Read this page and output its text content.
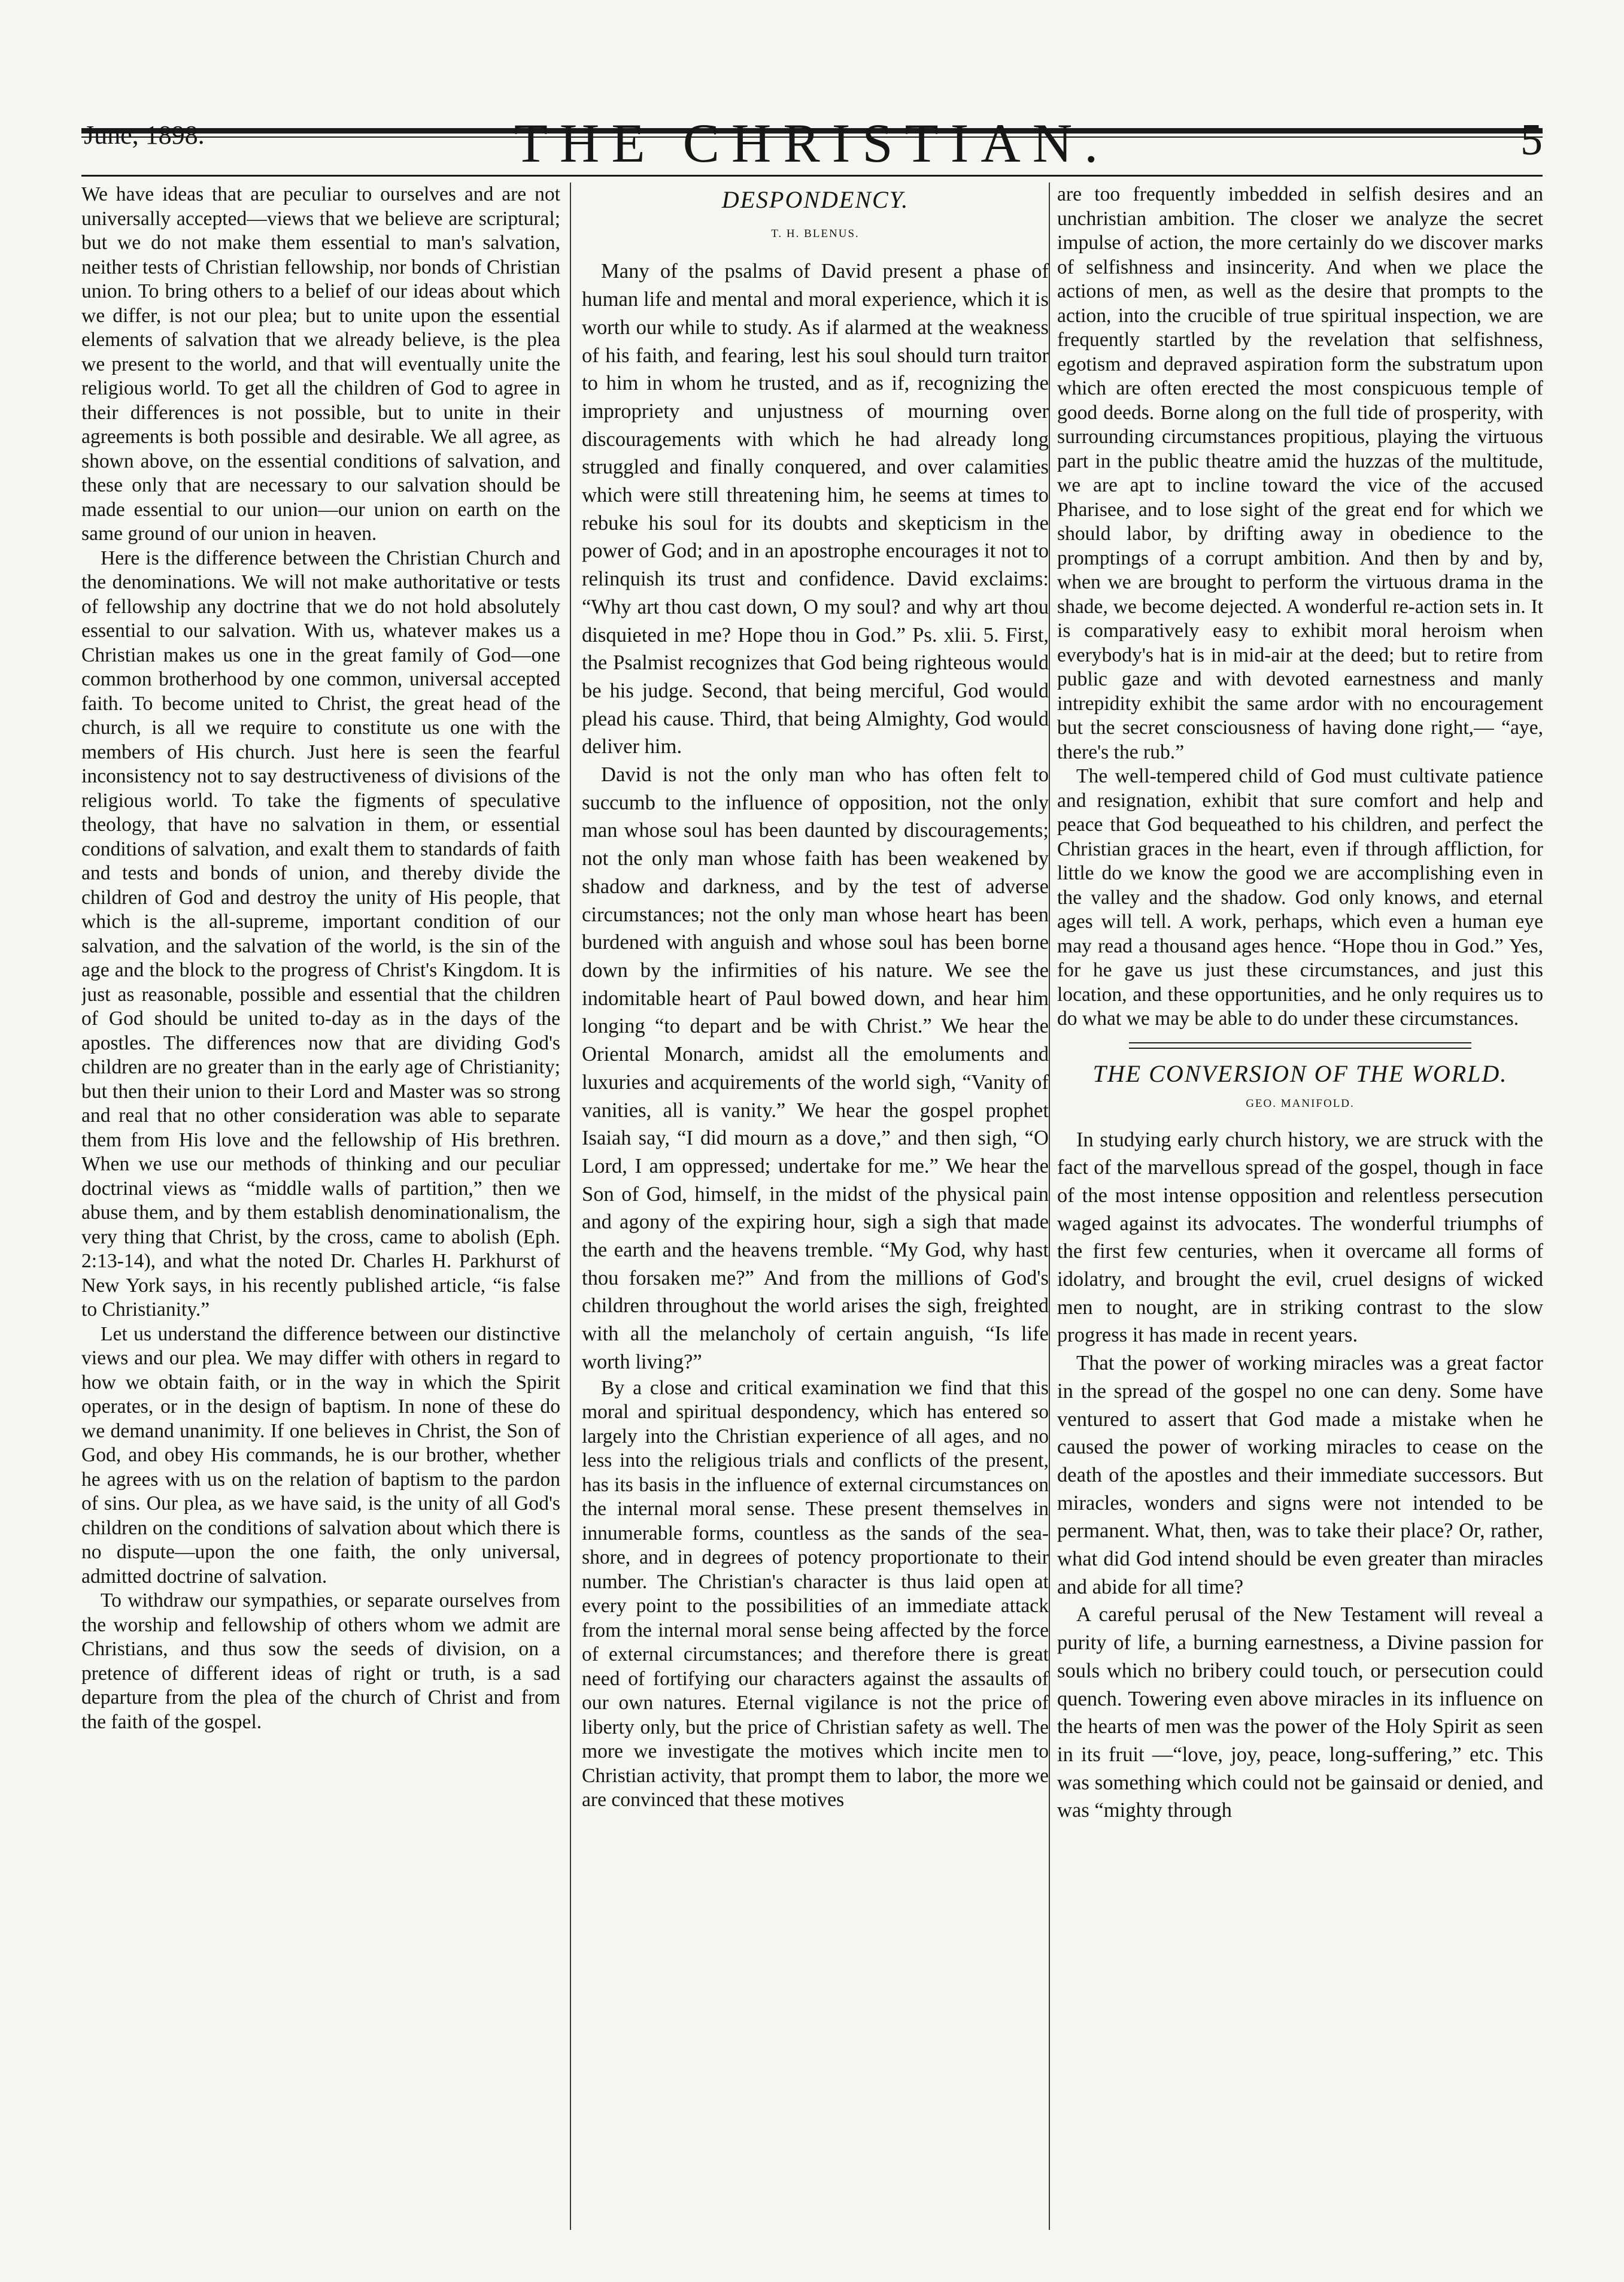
June, 1898.	THE CHRISTIAN.	5

We have ideas that are peculiar to ourselves and are not universally accepted—views that we believe are scriptural; but we do not make them essential to man's salvation, neither tests of Christian fellowship, nor bonds of Christian union. To bring others to a belief of our ideas about which we differ, is not our plea; but to unite upon the essential elements of salvation that we already believe, is the plea we present to the world, and that will eventually unite the religious world. To get all the children of God to agree in their differences is not possible, but to unite in their agreements is both possible and desirable. We all agree, as shown above, on the essential conditions of salvation, and these only that are necessary to our salvation should be made essential to our union—our union on earth on the same ground of our union in heaven.

Here is the difference between the Christian Church and the denominations. We will not make authoritative or tests of fellowship any doctrine that we do not hold absolutely essential to our salvation. With us, whatever makes us a Christian makes us one in the great family of God—one common brotherhood by one common, universal accepted faith. To become united to Christ, the great head of the church, is all we require to constitute us one with the members of His church. Just here is seen the fearful inconsistency not to say destructiveness of divisions of the religious world. To take the figments of speculative theology, that have no salvation in them, or essential conditions of salvation, and exalt them to standards of faith and tests and bonds of union, and thereby divide the children of God and destroy the unity of His people, that which is the all-supreme, important condition of our salvation, and the salvation of the world, is the sin of the age and the block to the progress of Christ's Kingdom. It is just as reasonable, possible and essential that the children of God should be united to-day as in the days of the apostles. The differences now that are dividing God's children are no greater than in the early age of Christianity; but then their union to their Lord and Master was so strong and real that no other consideration was able to separate them from His love and the fellowship of His brethren. When we use our methods of thinking and our peculiar doctrinal views as “middle walls of partition,” then we abuse them, and by them establish denominationalism, the very thing that Christ, by the cross, came to abolish (Eph. 2:13-14), and what the noted Dr. Charles H. Parkhurst of New York says, in his recently published article, “is false to Christianity.”

Let us understand the difference between our distinctive views and our plea. We may differ with others in regard to how we obtain faith, or in the way in which the Spirit operates, or in the design of baptism. In none of these do we demand unanimity. If one believes in Christ, the Son of God, and obey His commands, he is our brother, whether he agrees with us on the relation of baptism to the pardon of sins. Our plea, as we have said, is the unity of all God's children on the conditions of salvation about which there is no dispute—upon the one faith, the only universal, admitted doctrine of salvation.

To withdraw our sympathies, or separate ourselves from the worship and fellowship of others whom we admit are Christians, and thus sow the seeds of division, on a pretence of different ideas of right or truth, is a sad departure from the plea of the church of Christ and from the faith of the gospel.

DESPONDENCY.
T. H. BLENUS.

Many of the psalms of David present a phase of human life and mental and moral experience, which it is worth our while to study. As if alarmed at the weakness of his faith, and fearing, lest his soul should turn traitor to him in whom he trusted, and as if, recognizing the impropriety and unjustness of mourning over discouragements with which he had already long struggled and finally conquered, and over calamities which were still threatening him, he seems at times to rebuke his soul for its doubts and skepticism in the power of God; and in an apostrophe encourages it not to relinquish its trust and confidence. David exclaims: “Why art thou cast down, O my soul? and why art thou disquieted in me? Hope thou in God.” Ps. xlii. 5. First, the Psalmist recognizes that God being righteous would be his judge. Second, that being merciful, God would plead his cause. Third, that being Almighty, God would deliver him.

David is not the only man who has often felt to succumb to the influence of opposition, not the only man whose soul has been daunted by discouragements; not the only man whose faith has been weakened by shadow and darkness, and by the test of adverse circumstances; not the only man whose heart has been burdened with anguish and whose soul has been borne down by the infirmities of his nature. We see the indomitable heart of Paul bowed down, and hear him longing “to depart and be with Christ.” We hear the Oriental Monarch, amidst all the emoluments and luxuries and acquirements of the world sigh, “Vanity of vanities, all is vanity.” We hear the gospel prophet Isaiah say, “I did mourn as a dove,” and then sigh, “O Lord, I am oppressed; undertake for me.” We hear the Son of God, himself, in the midst of the physical pain and agony of the expiring hour, sigh a sigh that made the earth and the heavens tremble. “My God, why hast thou forsaken me?” And from the millions of God's children throughout the world arises the sigh, freighted with all the melancholy of certain anguish, “Is life worth living?”

By a close and critical examination we find that this moral and spiritual despondency, which has entered so largely into the Christian experience of all ages, and no less into the religious trials and conflicts of the present, has its basis in the influence of external circumstances on the internal moral sense. These present themselves in innumerable forms, countless as the sands of the sea-shore, and in degrees of potency proportionate to their number. The Christian's character is thus laid open at every point to the possibilities of an immediate attack from the internal moral sense being affected by the force of external circumstances; and therefore there is great need of fortifying our characters against the assaults of our own natures. Eternal vigilance is not the price of liberty only, but the price of Christian safety as well. The more we investigate the motives which incite men to Christian activity, that prompt them to labor, the more we are convinced that these motives

are too frequently imbedded in selfish desires and an unchristian ambition. The closer we analyze the secret impulse of action, the more certainly do we discover marks of selfishness and insincerity. And when we place the actions of men, as well as the desire that prompts to the action, into the crucible of true spiritual inspection, we are frequently startled by the revelation that selfishness, egotism and depraved aspiration form the substratum upon which are often erected the most conspicuous temple of good deeds. Borne along on the full tide of prosperity, with surrounding circumstances propitious, playing the virtuous part in the public theatre amid the huzzas of the multitude, we are apt to incline toward the vice of the accused Pharisee, and to lose sight of the great end for which we should labor, by drifting away in obedience to the promptings of a corrupt ambition. And then by and by, when we are brought to perform the virtuous drama in the shade, we become dejected. A wonderful re-action sets in. It is comparatively easy to exhibit moral heroism when everybody's hat is in mid-air at the deed; but to retire from public gaze and with devoted earnestness and manly intrepidity exhibit the same ardor with no encouragement but the secret consciousness of having done right,— “aye, there's the rub.”

The well-tempered child of God must cultivate patience and resignation, exhibit that sure comfort and help and peace that God bequeathed to his children, and perfect the Christian graces in the heart, even if through affliction, for little do we know the good we are accomplishing even in the valley and the shadow. God only knows, and eternal ages will tell. A work, perhaps, which even a human eye may read a thousand ages hence. “Hope thou in God.” Yes, for he gave us just these circumstances, and just this location, and these opportunities, and he only requires us to do what we may be able to do under these circumstances.

THE CONVERSION OF THE WORLD.
GEO. MANIFOLD.

In studying early church history, we are struck with the fact of the marvellous spread of the gospel, though in face of the most intense opposition and relentless persecution waged against its advocates. The wonderful triumphs of the first few centuries, when it overcame all forms of idolatry, and brought the evil, cruel designs of wicked men to nought, are in striking contrast to the slow progress it has made in recent years.

That the power of working miracles was a great factor in the spread of the gospel no one can deny. Some have ventured to assert that God made a mistake when he caused the power of working miracles to cease on the death of the apostles and their immediate successors. But miracles, wonders and signs were not intended to be permanent. What, then, was to take their place? Or, rather, what did God intend should be even greater than miracles and abide for all time?

A careful perusal of the New Testament will reveal a purity of life, a burning earnestness, a Divine passion for souls which no bribery could touch, or persecution could quench. Towering even above miracles in its influence on the hearts of men was the power of the Holy Spirit as seen in its fruit —“love, joy, peace, long-suffering,” etc. This was something which could not be gainsaid or denied, and was “mighty through
